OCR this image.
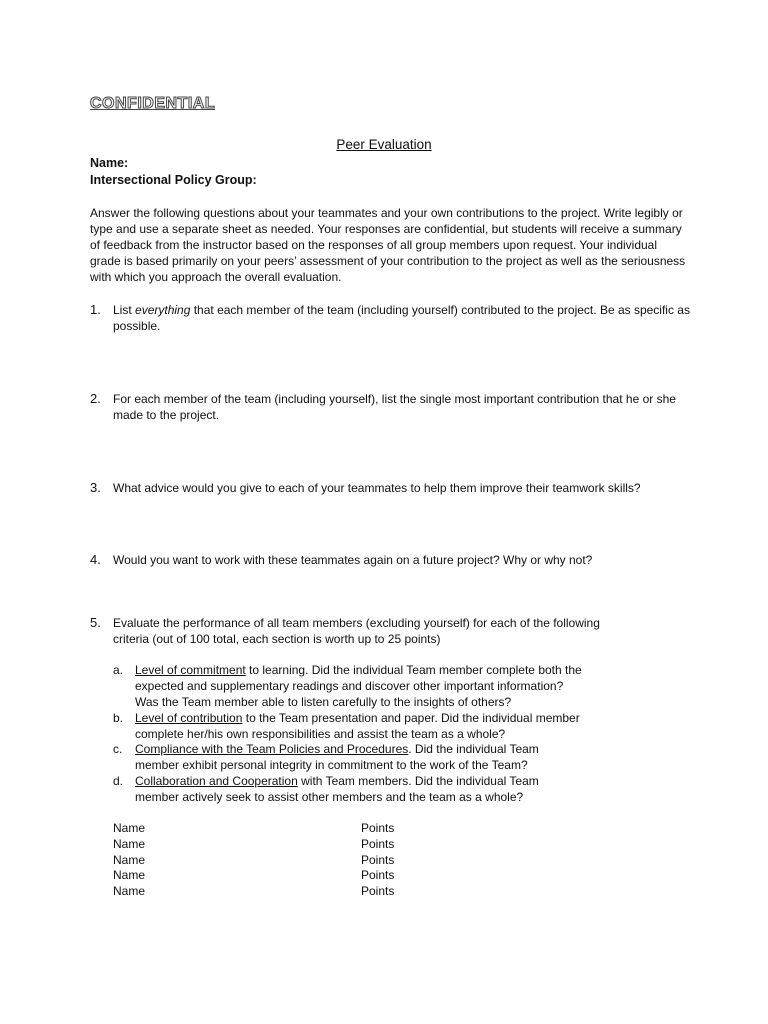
CONFIDENTIAL
Peer Evaluation
Name:
Intersectional Policy Group:
Answer the following questions about your teammates and your own contributions to the project. Write legibly or type and use a separate sheet as needed. Your responses are confidential, but students will receive a summary of feedback from the instructor based on the responses of all group members upon request. Your individual grade is based primarily on your peers’ assessment of your contribution to the project as well as the seriousness with which you approach the overall evaluation.
1. List everything that each member of the team (including yourself) contributed to the project. Be as specific as possible.
2. For each member of the team (including yourself), list the single most important contribution that he or she made to the project.
3. What advice would you give to each of your teammates to help them improve their teamwork skills?
4. Would you want to work with these teammates again on a future project? Why or why not?
5. Evaluate the performance of all team members (excluding yourself) for each of the following criteria (out of 100 total, each section is worth up to 25 points)
a. Level of commitment to learning. Did the individual Team member complete both the expected and supplementary readings and discover other important information? Was the Team member able to listen carefully to the insights of others?
b. Level of contribution to the Team presentation and paper. Did the individual member complete her/his own responsibilities and assist the team as a whole?
c. Compliance with the Team Policies and Procedures. Did the individual Team member exhibit personal integrity in commitment to the work of the Team?
d. Collaboration and Cooperation with Team members. Did the individual Team member actively seek to assist other members and the team as a whole?
Name	Points
Name	Points
Name	Points
Name	Points
Name	Points
